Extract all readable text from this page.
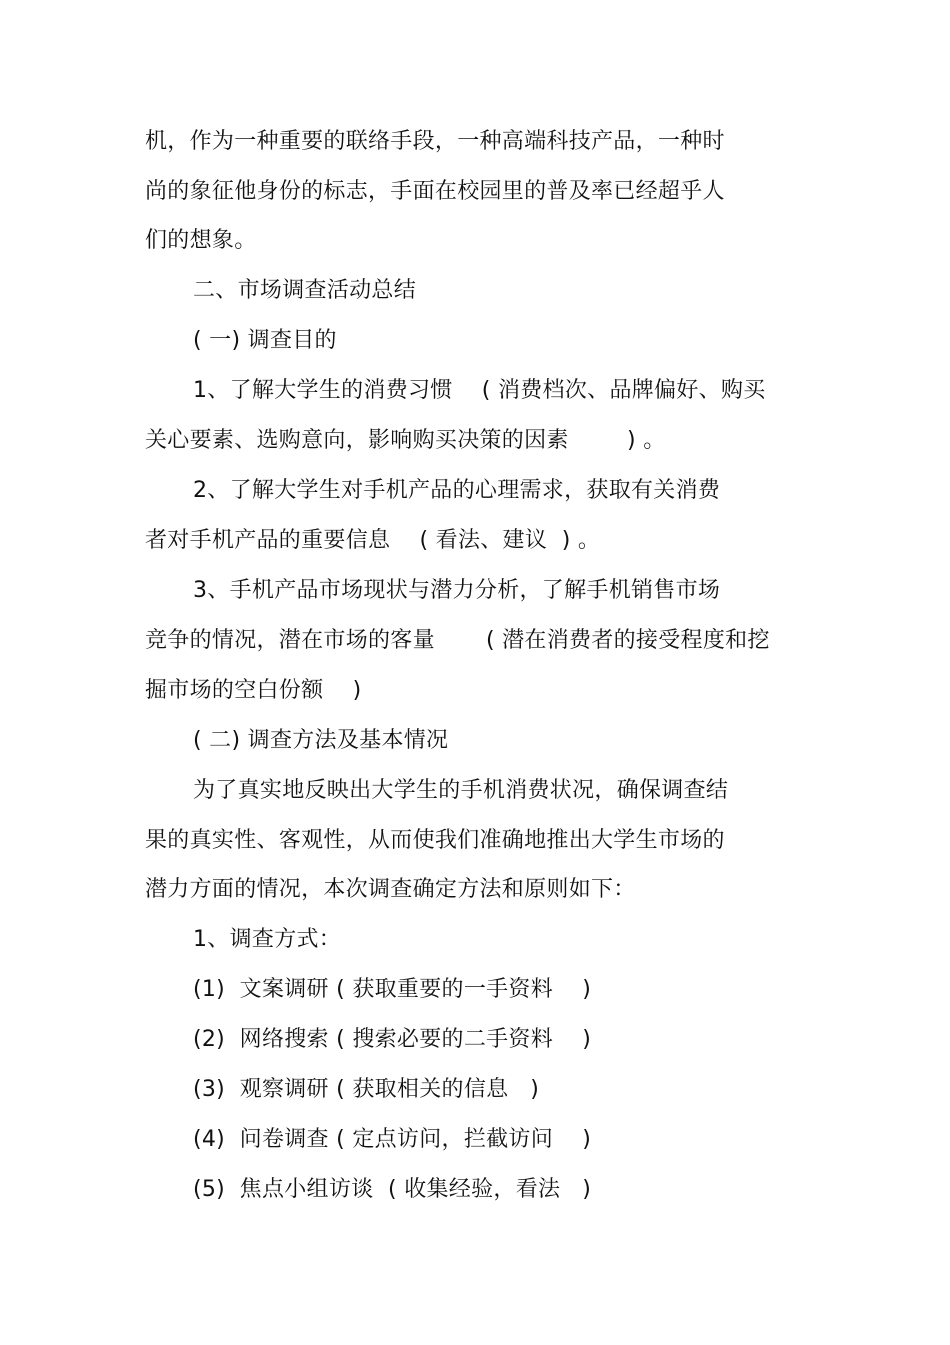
机，作为一种重要的联络手段，一种高端科技产品，一种时
尚的象征他身份的标志，手面在校园里的普及率已经超乎人
们的想象。
二、市场调查活动总结
( 一) 调查目的
1、了解大学生的消费习惯    ( 消费档次、品牌偏好、购买
关心要素、选购意向，影响购买决策的因素        ) 。
2、了解大学生对手机产品的心理需求，获取有关消费
者对手机产品的重要信息    ( 看法、建议  ) 。
3、手机产品市场现状与潜力分析，了解手机销售市场
竞争的情况，潜在市场的客量       ( 潜在消费者的接受程度和挖
掘市场的空白份额    )
( 二) 调查方法及基本情况
为了真实地反映出大学生的手机消费状况，确保调查结
果的真实性、客观性，从而使我们准确地推出大学生市场的
潜力方面的情况，本次调查确定方法和原则如下：
1、调查方式：
(1)  文案调研 ( 获取重要的一手资料    )
(2)  网络搜索 ( 搜索必要的二手资料    )
(3)  观察调研 ( 获取相关的信息   )
(4)  问卷调查 ( 定点访问，拦截访问    )
(5)  焦点小组访谈  ( 收集经验，看法   )
